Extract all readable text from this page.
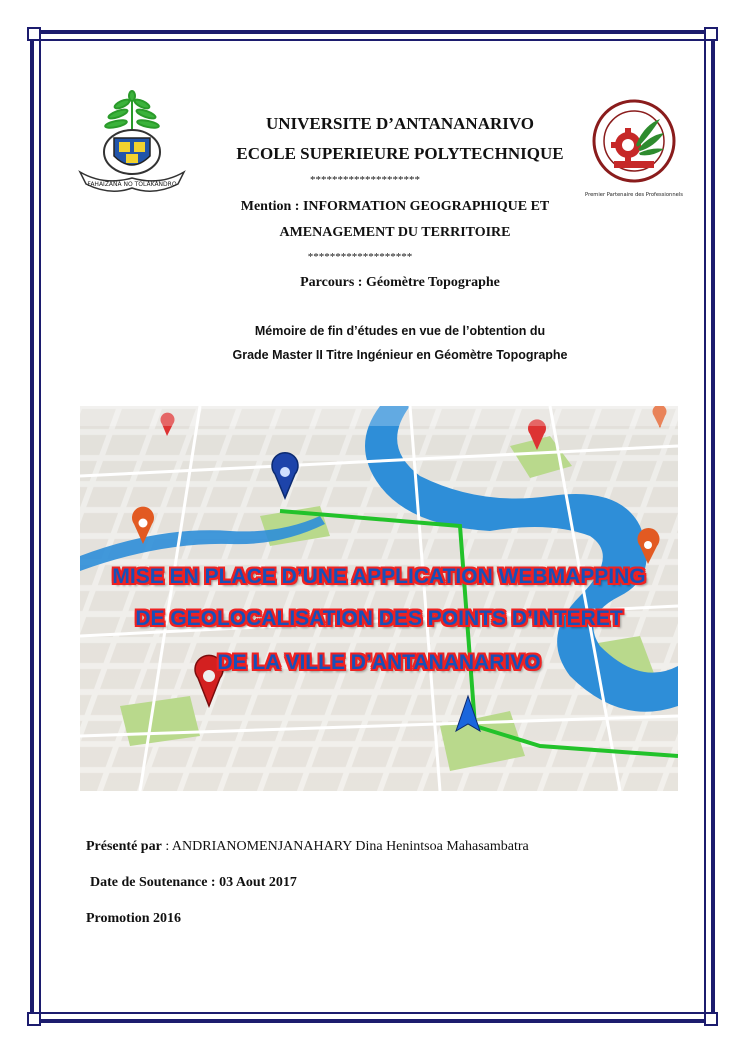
FAHAIZANA NO TOLAKANDRO
Premier Partenaire des Professionnels
UNIVERSITE D’ANTANANARIVO
ECOLE SUPERIEURE POLYTECHNIQUE
********************
Mention : INFORMATION GEOGRAPHIQUE ET
AMENAGEMENT DU TERRITOIRE
*******************
Parcours : Géomètre Topographe
Mémoire de fin d’études en vue de l’obtention du
Grade Master II Titre Ingénieur en Géomètre Topographe
MISE EN PLACE D’UNE APPLICATION WEBMAPPING
DE GEOLOCALISATION DES POINTS D’INTERET
DE LA VILLE D’ANTANANARIVO
Présenté par : ANDRIANOMENJANAHARY Dina Henintsoa Mahasambatra
Date de Soutenance : 03 Aout 2017
Promotion 2016
